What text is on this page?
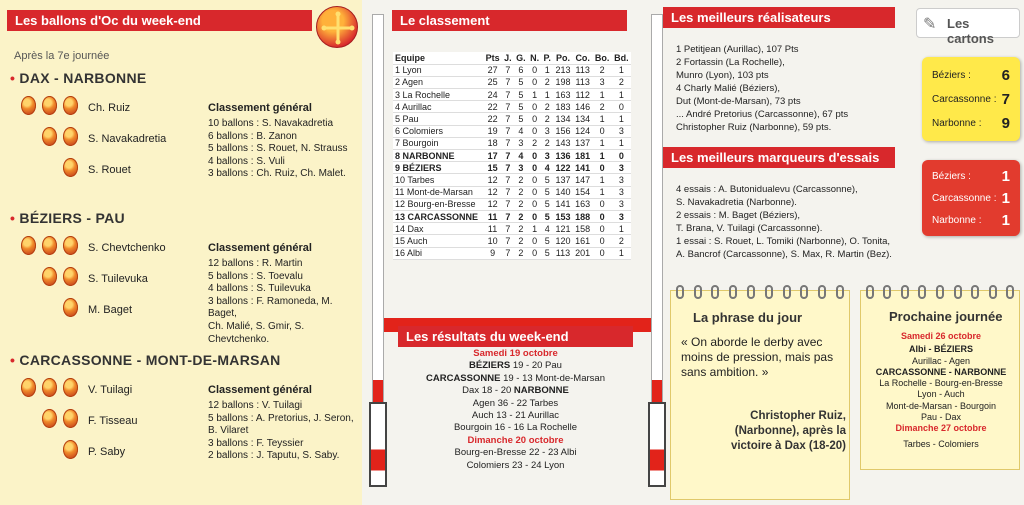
Les ballons d'Oc du week-end
Après la 7e journée
• DAX - NARBONNE
Ch. Ruiz
S. Navakadretia
S. Rouet
Classement général
10 ballons : S. Navakadretia
6 ballons : B. Zanon
5 ballons : S. Rouet, N. Strauss
4 ballons : S. Vuli
3 ballons : Ch. Ruiz, Ch. Malet.
• BÉZIERS - PAU
S. Chevtchenko
S. Tuilevuka
M. Baget
Classement général
12 ballons : R. Martin
5 ballons : S. Toevalu
4 ballons : S. Tuilevuka
3 ballons : F. Ramoneda, M. Baget,
Ch. Malié, S. Gmir, S. Chevtchenko.
• CARCASSONNE - MONT-DE-MARSAN
V. Tuilagi
F. Tisseau
P. Saby
Classement général
12 ballons : V. Tuilagi
5 ballons : A. Pretorius, J. Seron,
B. Vilaret
3 ballons : F. Teyssier
2 ballons : J. Taputu, S. Saby.
Le classement
Equipe	Pts	J.	G.	N.	P.	Po.	Co.	Bo.	Bd.
1 Lyon	27	7	6	0	1	213	113	2	1
2 Agen	25	7	5	0	2	198	113	3	2
3 La Rochelle	24	7	5	1	1	163	112	1	1
4 Aurillac	22	7	5	0	2	183	146	2	0
5 Pau	22	7	5	0	2	134	134	1	1
6 Colomiers	19	7	4	0	3	156	124	0	3
7 Bourgoin	18	7	3	2	2	143	137	1	1
8 NARBONNE	17	7	4	0	3	136	181	1	0
9 BÉZIERS	15	7	3	0	4	122	141	0	3
10 Tarbes	12	7	2	0	5	137	147	1	3
11 Mont-de-Marsan	12	7	2	0	5	140	154	1	3
12 Bourg-en-Bresse	12	7	2	0	5	141	163	0	3
13 CARCASSONNE	11	7	2	0	5	153	188	0	3
14 Dax	11	7	2	1	4	121	158	0	1
15 Auch	10	7	2	0	5	120	161	0	2
16 Albi	9	7	2	0	5	113	201	0	1
Les résultats du week-end
Samedi 19 octobre
BÉZIERS 19 - 20 Pau
CARCASSONNE 19 - 13 Mont-de-Marsan
Dax 18 - 20 NARBONNE
Agen 36 - 22 Tarbes
Auch 13 - 21 Aurillac
Bourgoin 16 - 16 La Rochelle
Dimanche 20 octobre
Bourg-en-Bresse 22 - 23 Albi
Colomiers 23 - 24 Lyon
Les meilleurs réalisateurs
1 Petitjean (Aurillac), 107 Pts
2 Fortassin (La Rochelle),
Munro (Lyon), 103 pts
4 Charly Malié (Béziers),
Dut (Mont-de-Marsan), 73 pts
... André Pretorius (Carcassonne), 67 pts
Christopher Ruiz (Narbonne), 59 pts.
Les meilleurs marqueurs d'essais
4 essais : A. Butonidualevu (Carcassonne),
S. Navakadretia (Narbonne).
2 essais : M. Baget (Béziers),
T. Brana, V. Tuilagi (Carcassonne).
1 essai : S. Rouet, L. Tomiki (Narbonne), O. Tonita,
A. Bancrof (Carcassonne), S. Max, R. Martin (Bez).
✎ Les cartons
Béziers : 6
Carcassonne : 7
Narbonne : 9
Béziers : 1
Carcassonne : 1
Narbonne : 1
La phrase du jour
« On aborde le derby avec moins de pression, mais pas sans ambition. »
Christopher Ruiz, (Narbonne), après la victoire à Dax (18-20)
Prochaine journée
Samedi 26 octobre
Albi - BÉZIERS
Aurillac - Agen
CARCASSONNE - NARBONNE
La Rochelle - Bourg-en-Bresse
Lyon - Auch
Mont-de-Marsan - Bourgoin
Pau - Dax
Dimanche 27 octobre
Tarbes - Colomiers
